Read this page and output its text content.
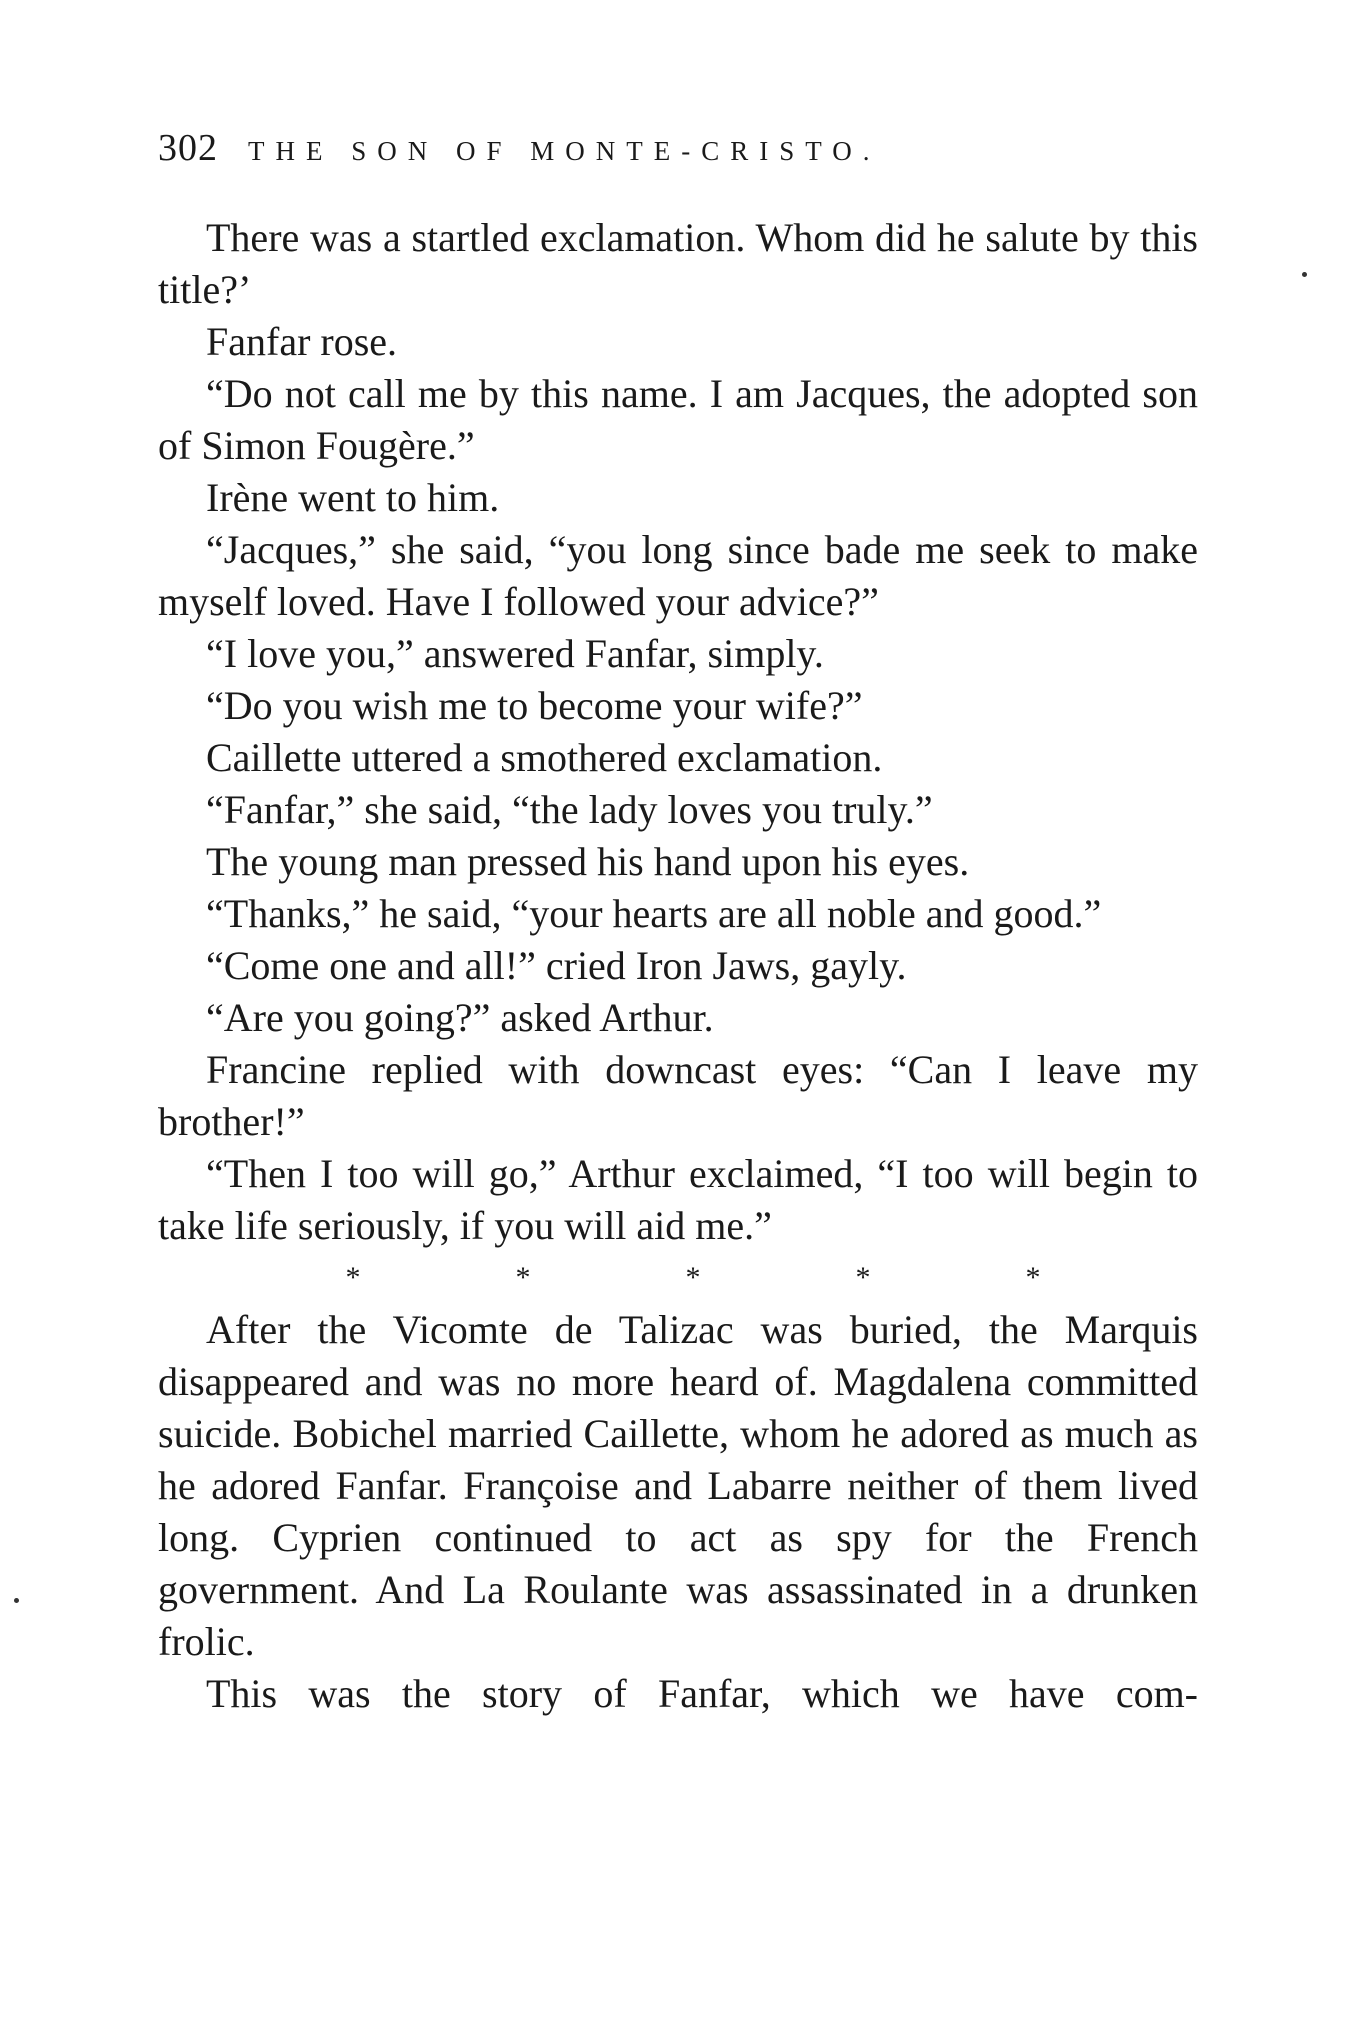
302 THE SON OF MONTE-CRISTO.

There was a startled exclamation. Whom did he salute by this title?’

Fanfar rose.

“Do not call me by this name. I am Jacques, the adopted son of Simon Fougère.”

Irène went to him.

“Jacques,” she said, “you long since bade me seek to make myself loved. Have I followed your advice?”

“I love you,” answered Fanfar, simply.

“Do you wish me to become your wife?”

Caillette uttered a smothered exclamation.

“Fanfar,” she said, “the lady loves you truly.”

The young man pressed his hand upon his eyes.

“Thanks,” he said, “your hearts are all noble and good.”

“Come one and all!” cried Iron Jaws, gayly.

“Are you going?” asked Arthur.

Francine replied with downcast eyes: “Can I leave my brother!”

“Then I too will go,” Arthur exclaimed, “I too will begin to take life seriously, if you will aid me.”

*	*	*	*	*

After the Vicomte de Talizac was buried, the Marquis disappeared and was no more heard of. Magdalena committed suicide. Bobichel married Caillette, whom he adored as much as he adored Fanfar. Françoise and Labarre neither of them lived long. Cyprien continued to act as spy for the French government. And La Roulante was assassinated in a drunken frolic.

This was the story of Fanfar, which we have com-
